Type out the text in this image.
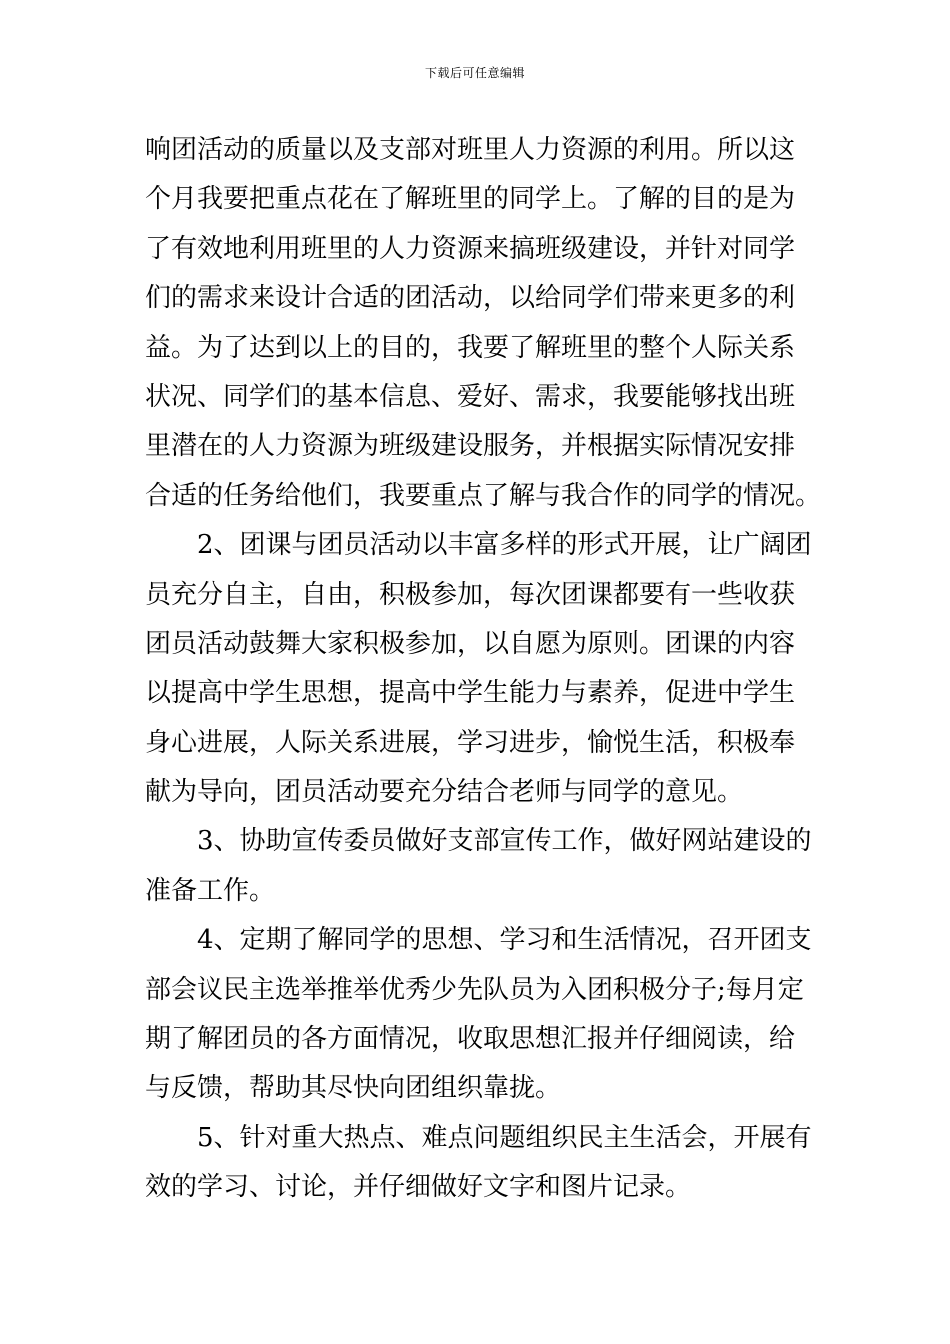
下载后可任意编辑
响团活动的质量以及支部对班里人力资源的利用。所以这
个月我要把重点花在了解班里的同学上。了解的目的是为
了有效地利用班里的人力资源来搞班级建设，并针对同学
们的需求来设计合适的团活动，以给同学们带来更多的利
益。为了达到以上的目的，我要了解班里的整个人际关系
状况、同学们的基本信息、爱好、需求，我要能够找出班
里潜在的人力资源为班级建设服务，并根据实际情况安排
合适的任务给他们，我要重点了解与我合作的同学的情况。
2、团课与团员活动以丰富多样的形式开展，让广阔团
员充分自主，自由，积极参加，每次团课都要有一些收获
团员活动鼓舞大家积极参加，以自愿为原则。团课的内容
以提高中学生思想，提高中学生能力与素养，促进中学生
身心进展，人际关系进展，学习进步，愉悦生活，积极奉
献为导向，团员活动要充分结合老师与同学的意见。
3、协助宣传委员做好支部宣传工作，做好网站建设的
准备工作。
4、定期了解同学的思想、学习和生活情况，召开团支
部会议民主选举推举优秀少先队员为入团积极分子;每月定
期了解团员的各方面情况，收取思想汇报并仔细阅读，给
与反馈，帮助其尽快向团组织靠拢。
5、针对重大热点、难点问题组织民主生活会，开展有
效的学习、讨论，并仔细做好文字和图片记录。
